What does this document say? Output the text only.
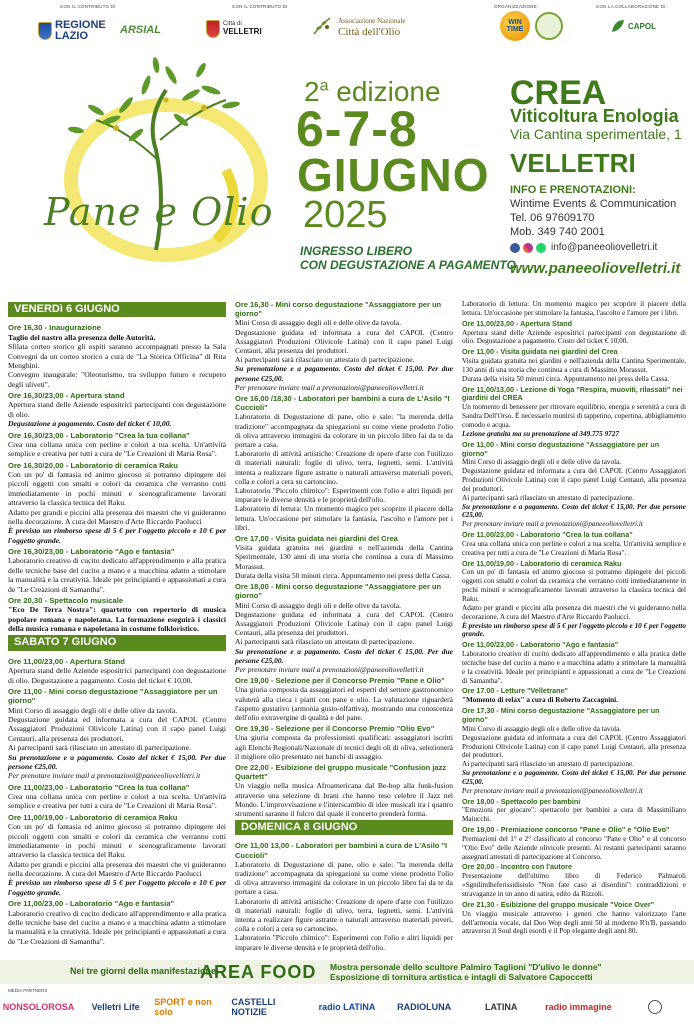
CON IL CONTRIBUTO DI
REGIONE LAZIO	ARSIAL
CON IL CONTRIBUTO DI
Città di
VELLETRI
Associazione Nazionale
Città dell'Olio
ORGANIZZAZIONE:
WIN TIME
CON LA COLLABORAZIONE DI:
CAPOL
Pane e Olio
2$^a$ edizione
6-7-8
GIUGNO
2025
INGRESSO LIBERO
CON DEGUSTAZIONE A PAGAMENTO
CREA
Viticoltura Enologia
Via Cantina sperimentale, 1
VELLETRI
INFO E PRENOTAZIONI:
Wintime Events & Communication
Tel. 06 97609170
Mob. 349 740 2001
info@paneeoliovelletri.it
www.paneeoliovelletri.it
VENERDì 6 GIUGNO
Ore 16,30 - Inaugurazione
Taglio del nastro alla presenza delle Autorità.
Sfilata corteo storico gli ospiti saranno accompagnati presso la Sala Convegni da un corteo storico a cura de "La Storica Officina" di Rita Menghini.
Convegno inaugurale: "Oleoturismo, tra sviluppo futuro e recupero degli uliveti".
Ore 16,30/23,00 - Apertura stand
Apertura stand delle Aziende espositrici partecipanti con degustazione di olio.
Degustazione a pagamento. Costo del ticket € 10,00.
Ore 16,30/23,00 - Laboratorio "Crea la tua collana"
Crea una collana unica con perline e colori a tua scelta. Un'attività semplice e creativa per tutti a cura de "Le Creazioni di Maria Rosa".
Ore 16,30/20,00 - Laboratorio di ceramica Raku
Con un po' di fantasia ed animo giocoso si potranno dipingere dei piccoli oggetti con smalti e colori da ceramica che verranno cotti immediatamente in pochi minuti e scenograficamente lavorati attraverso la classica tecnica del Raku.
Adatto per grandi e piccini alla presenza dei maestri che vi guideranno nella decorazione. A cura del Maestro d'Arte Riccardo Paolucci
È previsto un rimborso spese di 5 € per l'oggetto piccolo e 10 € per l'oggetto grande.
Ore 16,30/23,00 - Laboratorio "Ago e fantasia"
Laboratorio creativo di cucito dedicato all'apprendimento e alla pratica delle tecniche base del cucito a mano e a macchina adatto a stimolare la manualità e la creatività. Ideale per principianti e appassionati a cura de "Le Creazioni di Samantha".
Ore 20,30 - Spettacolo musicale
"Eco De Terra Nostra": quartetto con repertorio di musica popolare romana e napoletana. La formazione eseguirà i classici della musica romana e napoletana in costume folkloristico.
SABATO 7 GIUGNO
Ore 11,00/23,00 - Apertura Stand
Apertura stand delle Aziende espositrici partecipanti con degustazione di olio. Degustazione a pagamento. Costo del ticket € 10,00.
Ore 11,00 - Mini corso degustazione "Assaggiatore per un giorno"
Mini Corso di assaggio degli oli e delle olive da tavola.
Degustazione guidata ed informata a cura del CAPOL (Centro Assaggiatori Produzioni Olivicole Latina) con il capo panel Luigi Centauri, alla presenza dei produttori.
Ai partecipanti sarà rilasciato un attestato di partecipazione.
Su prenotazione e a pagamento. Costo del ticket € 15,00. Per due persone €25,00.
Per prenotare inviare mail a prenotazioni@paneeoliovelletri.it
Ore 11,00/23,00 - Laboratorio "Crea la tua collana"
Crea una collana unica con perline e colori a tua scelta. Un'attività semplice e creativa per tutti a cura de "Le Creazioni di Maria Rosa".
Ore 11,00/19,00 - Laboratorio di ceramica Raku
Con un po' di fantasia ed animo giocoso si potranno dipingere dei piccoli oggetti con smalti e colori da ceramica che verranno cotti immediatamente in pochi minuti e scenograficamente lavorati attraverso la classica tecnica del Raku.
Adatto per grandi e piccini alla presenza dei maestri che vi guideranno nella decorazione. A cura del Maestro d'Arte Riccardo Paolucci
È previsto un rimborso spese di 5 € per l'oggetto piccolo e 10 € per l'oggetto grande.
Ore 11,00/23,00 - Laboratorio "Ago e fantasia"
Laboratorio creativo di cucito dedicato all'apprendimento e alla pratica delle tecniche base del cucito a mano e a macchina adatto a stimolare la manualità e la creatività. Ideale per principianti e appassionati a cura de "Le Creazioni di Samantha".
Ore 16,30 - Mini corso degustazione "Assaggiatore per un giorno"
Mini Corso di assaggio degli oli e delle olive da tavola.
Degustazione guidata ed informata a cura del CAPOL (Centro Assaggiatori Produzioni Olivicole Latina) con il capo panel Luigi Centauri, alla presenza dei produttori.
Ai partecipanti sarà rilasciato un attestato di partecipazione.
Su prenotazione e a pagamento. Costo del ticket € 15,00. Per due persone €25,00.
Per prenotare inviare mail a prenotazioni@paneeoliovelletri.it
Ore 16,00 /18,30 - Laboratori per bambini a cura de L'Asilo "I Cuccioli"
Laboratorio di Degustazione di pane, olio e sale: "la merenda della tradizione" accompagnata da spiegazioni su come viene prodotto l'olio di oliva attraverso immagini da colorare in un piccolo libro fai da te da portare a casa.
Laboratorio di attività artistiche: Creazione di opere d'arte con l'utilizzo di materiali naturali: foglie di ulivo, terra, legnetti, semi. L'attività intenta a realizzare figure astratte o naturali attraverso materiali poveri, colla e colori a cera su cartoncino.
Laboratorio "Piccolo chimico": Esperimenti con l'olio e altri liquidi per imparare le diverse densità e le proprietà dell'olio.
Laboratorio di lettura: Un momento magico per scoprire il piacere della lettura. Un'occasione per stimolare la fantasia, l'ascolto e l'amore per i libri.
Ore 17,00 - Visita guidata nei giardini del Crea
Visita guidata gratuita nei giardini e nell'azienda della Cantina Sperimentale, 130 anni di una storia che continua a cura di Massimo Morassut.
Durata della visita 50 minuti circa. Appuntamento nei press della Cassa.
Ore 18,00 - Mini corso degustazione "Assaggiatore per un giorno"
Mini Corso di assaggio degli oli e delle olive da tavola.
Degustazione guidata ed informata a cura del CAPOL (Centro Assaggiatori Produzioni Olivicole Latina) con il capo panel Luigi Centauri, alla presenza dei produttori.
Ai partecipanti sarà rilasciato un attestato di partecipazione.
Su prenotazione e a pagamento. Costo del ticket € 15,00. Per due persone €25,00.
Per prenotare inviare mail a prenotazioni@paneeoliovelletri.it
Ore 19,00 - Selezione per il Concorso Premio "Pane e Olio"
Una giuria composta da assaggiatori ed esperti del settore gastronomico valuterà alla cieca i piatti con pane e olio. La valutazione riguarderà l'aspetto gustativo (armonia gusto-olfattiva), mostrando una conoscenza dell'olio extravergine di qualità e del pane.
Ore 19,30 - Selezione per il Concorso Premio "Olio Evo"
Una giuria composta da professionisti qualificati: assaggiatori iscritti agli Elenchi Regionali/Nazionale di tecnici degli oli di oliva, selezionerà il migliore olio presentato nei banchi di assaggio.
Ore 22,00 - Esibizione del gruppo musicale "Confusion jazz Quartett"
Un viaggio nella musica Afroamericana dal Be-bop alla funk-fusion attraverso una selezione di brani che hanno reso celebre il Jazz nel Mondo. L'improvvisazione e l'interscambio di idee musicali tra i quattro strumenti saranno il fulcro dal quale il concerto prenderà forma.
DOMENICA 8 GIUGNO
Ore 11,00 13,00 - Laboratori per bambini a cura de L'Asilo "I Cuccioli"
Laboratorio di Degustazione di pane, olio e sale: "la merenda della tradizione" accompagnata da spiegazioni su come viene prodotto l'olio di oliva attraverso immagini da colorare in un piccolo libro fai da te da portare a casa.
Laboratorio di attività artistiche: Creazione di opere d'arte con l'utilizzo di materiali naturali: foglie di ulivo, terra, legnetti, semi. L'attività intenta a realizzare figure astratte o naturali attraverso materiali poveri, colla e colori a cera su cartoncino.
Laboratorio "Piccolo chimico": Esperimenti con l'olio e altri liquidi per imparare le diverse densità e le proprietà dell'olio.
Laboratorio di lettura: Un momento magico per scoprire il piacere della lettura. Un'occasione per stimolare la fantasia, l'ascolto e l'amore per i libri.
Ore 11,00/23,00 - Apertura Stand
Apertura stand delle Aziende espositrici partecipanti con degustazione di olio. Degustazione a pagamento. Costo del ticket € 10,00.
Ore 11,00 - Visita guidata nei giardini del Crea
Visita guidata gratuita nei giardini e nell'azienda della Cantina Sperimentale, 130 anni di una storia che continua a cura di Massimo Morassut.
Durata della visita 50 minuti circa. Appuntamento nei press della Cassa.
Ore 11,00/13,00 - Lezione di Yoga "Respira, muoviti, rilassati" nei giardini del CREA
Un momento di benessere per ritrovare equilibrio, energia e serenità a cura di Sandra Dell'Orso. È necessario munirsi di tappetino, copertina, abbigliamento comodo e acqua.
Lezione gratuita ma su prenotazione al 349.775 9727
Ore 11,00 - Mini corso degustazione "Assaggiatore per un giorno"
Mini Corso di assaggio degli oli e delle olive da tavola.
Degustazione guidata ed informata a cura del CAPOL (Centro Assaggiatori Produzioni Olivicole Latina) con il capo panel Luigi Centauri, alla presenza dei produttori.
Ai partecipanti sarà rilasciato un attestato di partecipazione.
Su prenotazione e a pagamento. Costo del ticket € 15,00. Per due persone €25,00.
Per prenotare inviare mail a prenotazioni@paneeoliovelletri.it
Ore 11,00/23,00 - Laboratorio "Crea la tua collana"
Crea una collana unica con perline e colori a tua scelta. Un'attività semplice e creativa per tutti a cura de "Le Creazioni di Maria Rosa".
Ore 11,00/19,00 - Laboratorio di ceramica Raku
Con un po' di fantasia ed animo giocoso si potranno dipingere dei piccoli oggetti con smalti e colori da ceramica che verranno cotti immediatamente in pochi minuti e scenograficamente lavorati attraverso la classica tecnica del Raku.
Adatto per grandi e piccini alla presenza dei maestri che vi guideranno nella decorazione. A cura del Maestro d'Arte Riccardo Paolucci.
È previsto un rimborso spese di 5 € per l'oggetto piccolo e 10 € per l'oggetto grande.
Ore 11,00/23,00 - Laboratorio "Ago e fantasia"
Laboratorio creativo di cucito dedicato all'apprendimento e alla pratica delle tecniche base del cucito a mano e a macchina adatto a stimolare la manualità e la creatività. Ideale per principianti e appassionati a cura de "Le Creazioni di Samantha".
Ore 17.00 - Letture "Velletrane"
"Momento di relax" a cura di Roberto Zaccagnini.
Ore 17,30 - Mini corso degustazione "Assaggiatore per un giorno"
Mini Corso di assaggio degli oli e delle olive da tavola.
Degustazione guidata ed informata a cura del CAPOL (Centro Assaggiatori Produzioni Olivicole Latina) con il capo panel Luigi Centauri, alla presenza dei produttori.
Ai partecipanti sarà rilasciato un attestato di partecipazione.
Su prenotazione e a pagamento. Costo del ticket € 15,00. Per due persone €25,00.
Per prenotare inviare mail a prenotazioni@paneeoliovelletri.it
Ore 18,00 - Spettacolo per bambini
"Emozioni per giocare": spettacolo per bambini a cura di Massimiliano Maiucchi.
Ore 19,00 - Premiazione concorso "Pane e Olio" e "Olio Evo"
Premiazioni del 1° e 2° classificato al concorso "Pane e Olio" e al concorso "Olio Evo" delle Aziende olivicole presenti. Ai restanti partecipanti saranno assegnati attestati di partecipazione al Concorso.
Ore 20,00 - Incontro con l'autore
Presentazione dell'ultimo libro di Federico Palmaroli «Sgnilindheferissidisiolo "Non fate caso ai disordini": contraddizioni e stravaganze in un anno di satira, edito da Rizzoli.
Ore 21,30 - Esibizione del gruppo musicale "Voice Over"
Un viaggio musicale attraverso i generi che hanno valorizzato l'arte dell'armonia vocale, dal Doo Wop degli anni 50 al moderno R'n'B, passando attraverso il Soul degli esordi e il Pop elegante degli anni 80.
Nei tre giorni della manifestazione:
AREA FOOD Mostra personale dello scultore Palmiro Taglioni "D'ulivo le donne"
Esposizione di tornitura artistica e intagli di Salvatore Capoccetti
MEDIA PARTNERS
NONSOLOROSA	Velletri Life	SPORT e non solo
CASTELLI NOTIZIE	radio LATINA	RADIOLUNA	LATINA	radio immagine
